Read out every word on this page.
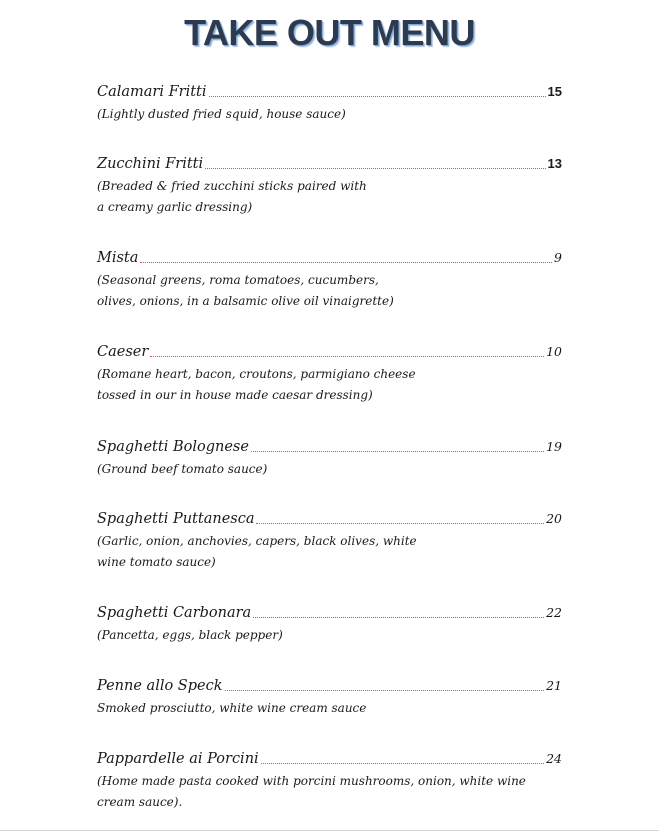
TAKE OUT MENU
Calamari Fritti	15
(Lightly dusted fried squid, house sauce)
Zucchini Fritti	13
(Breaded & fried zucchini sticks paired with
a creamy garlic dressing)
Mista	9
(Seasonal greens, roma tomatoes, cucumbers,
olives, onions, in a balsamic olive oil vinaigrette)
Caeser	10
(Romane heart, bacon, croutons, parmigiano cheese
tossed in our in house made caesar dressing)
Spaghetti Bolognese	19
(Ground beef tomato sauce)
Spaghetti Puttanesca	20
(Garlic, onion, anchovies, capers, black olives, white
wine tomato sauce)
Spaghetti Carbonara	22
(Pancetta, eggs, black pepper)
Penne allo Speck	21
Smoked prosciutto, white wine cream sauce
Pappardelle ai Porcini	24
(Home made pasta cooked with porcini mushrooms, onion, white wine
cream sauce).
